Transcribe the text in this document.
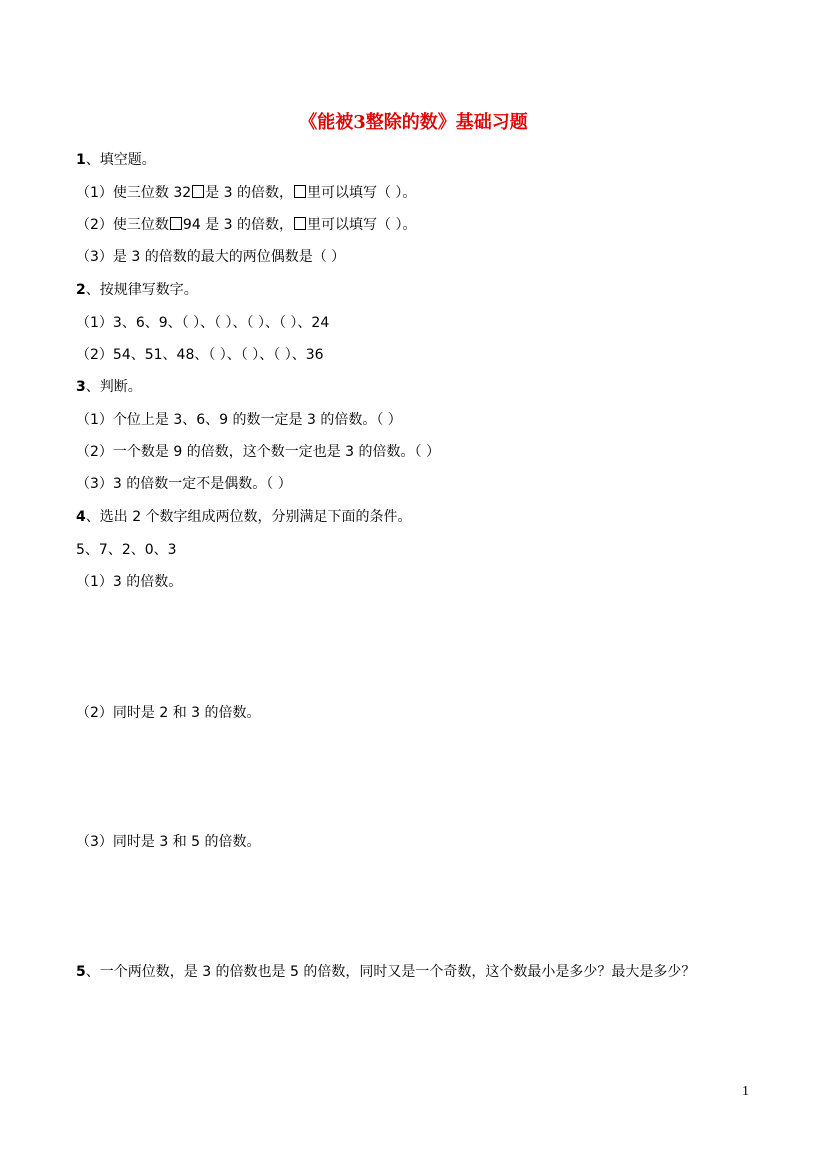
《能被3整除的数》基础习题
1、填空题。
（1）使三位数 32 是 3 的倍数， 里可以填写（ ）。
（2）使三位数 94 是 3 的倍数， 里可以填写（ ）。
（3）是 3 的倍数的最大的两位偶数是（ ）
2、按规律写数字。
（1）3、6、9、（ ）、（ ）、（ ）、（ ）、24
（2）54、51、48、（ ）、（ ）、（ ）、36
3、判断。
（1）个位上是 3、6、9 的数一定是 3 的倍数。（ ）
（2）一个数是 9 的倍数，这个数一定也是 3 的倍数。（ ）
（3）3 的倍数一定不是偶数。（ ）
4、选出 2 个数字组成两位数，分别满足下面的条件。
5、7、2、0、3
（1）3 的倍数。
（2）同时是 2 和 3 的倍数。
（3）同时是 3 和 5 的倍数。
5、一个两位数，是 3 的倍数也是 5 的倍数，同时又是一个奇数，这个数最小是多少？最大是多少？
1
